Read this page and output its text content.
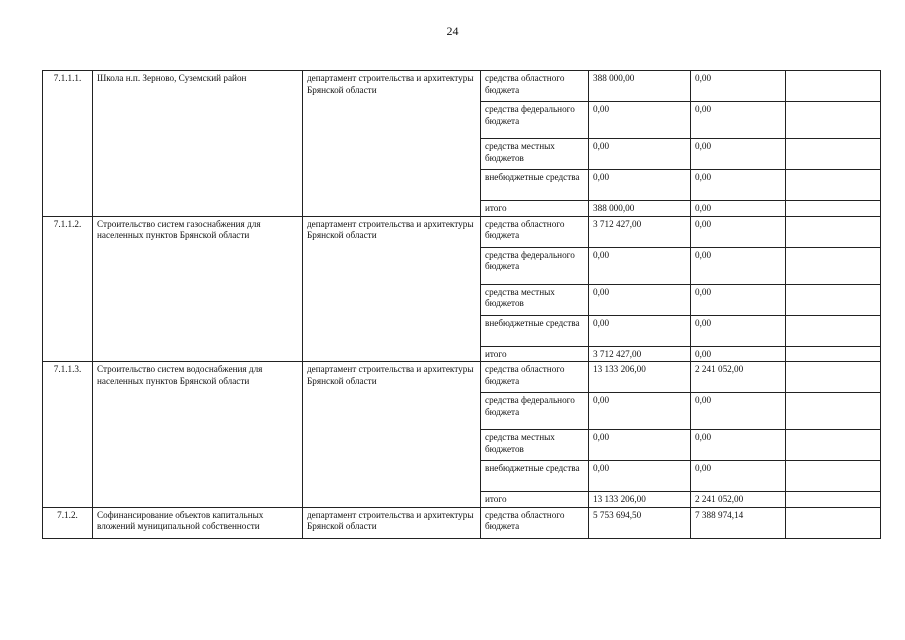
24
7.1.1.1.	Школа н.п. Зерново, Суземский район	департамент строительства и архитектуры Брянской области	средства областного бюджета	388 000,00	0,00	
			средства федерального бюджета	0,00	0,00	
			средства местных бюджетов	0,00	0,00	
			внебюджетные средства	0,00	0,00	
			итого	388 000,00	0,00	
7.1.1.2.	Строительство систем газоснабжения для населенных пунктов Брянской области	департамент строительства и архитектуры Брянской области	средства областного бюджета	3 712 427,00	0,00	
			средства федерального бюджета	0,00	0,00	
			средства местных бюджетов	0,00	0,00	
			внебюджетные средства	0,00	0,00	
			итого	3 712 427,00	0,00	
7.1.1.3.	Строительство систем водоснабжения для населенных пунктов Брянской области	департамент строительства и архитектуры Брянской области	средства областного бюджета	13 133 206,00	2 241 052,00	
			средства федерального бюджета	0,00	0,00	
			средства местных бюджетов	0,00	0,00	
			внебюджетные средства	0,00	0,00	
			итого	13 133 206,00	2 241 052,00	
7.1.2.	Софинансирование объектов капитальных вложений муниципальной собственности	департамент строительства и архитектуры Брянской области	средства областного бюджета	5 753 694,50	7 388 974,14	
